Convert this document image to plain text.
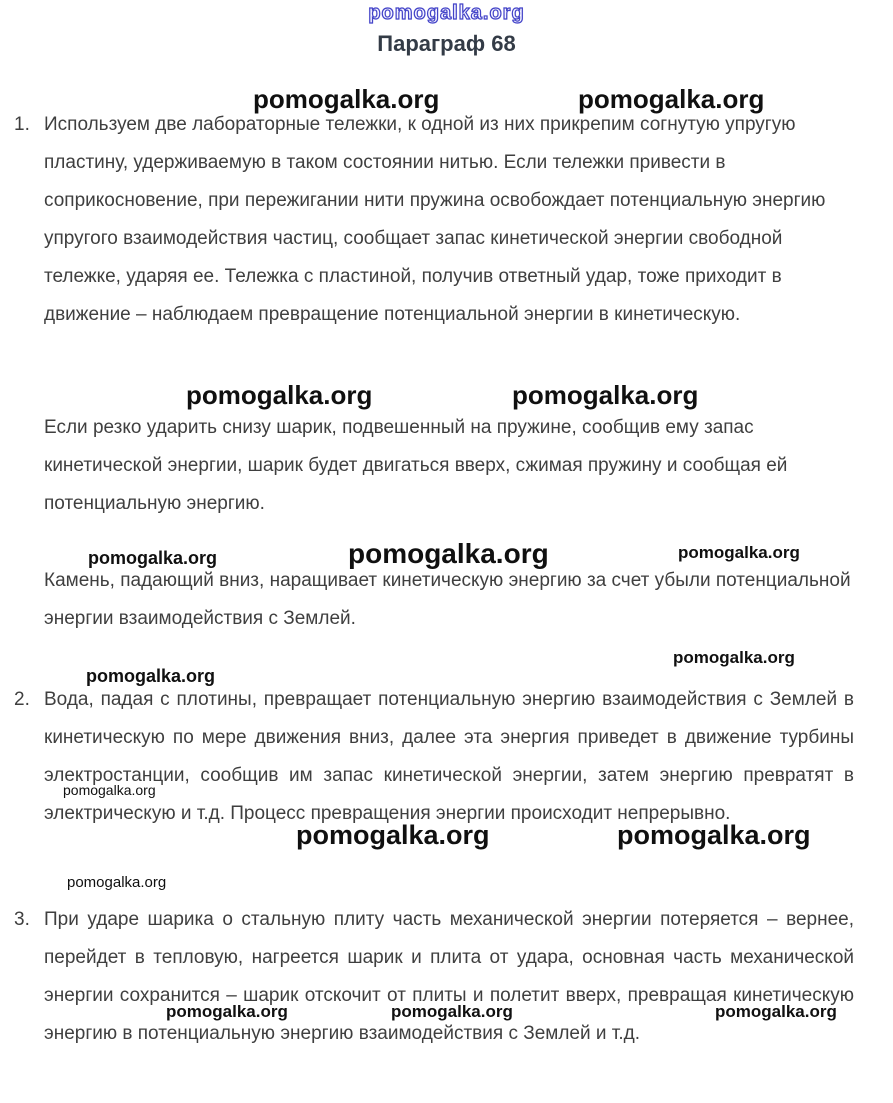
pomogalka.org
Параграф 68
pomogalka.org	pomogalka.org
1. Используем две лабораторные тележки, к одной из них прикрепим согнутую упругую пластину, удерживаемую в таком состоянии нитью. Если тележки привести в соприкосновение, при пережигании нити пружина освобождает потенциальную энергию упругого взаимодействия частиц, сообщает запас кинетической энергии свободной тележке, ударяя ее. Тележка с пластиной, получив ответный удар, тоже приходит в движение – наблюдаем превращение потенциальной энергии в кинетическую.
pomogalka.org	pomogalka.org
Если резко ударить снизу шарик, подвешенный на пружине, сообщив ему запас кинетической энергии, шарик будет двигаться вверх, сжимая пружину и сообщая ей потенциальную энергию.
pomogalka.org	pomogalka.org	pomogalka.org
Камень, падающий вниз, наращивает кинетическую энергию за счет убыли потенциальной энергии взаимодействия с Землей.
pomogalka.org
pomogalka.org
2. Вода, падая с плотины, превращает потенциальную энергию взаимодействия с Землей в кинетическую по мере движения вниз, далее эта энергия приведет в движение турбины электростанции, сообщив им запас кинетической энергии, затем энергию превратят в электрическую и т.д. Процесс превращения энергии происходит непрерывно.
pomogalka.org
pomogalka.org	pomogalka.org
pomogalka.org
3. При ударе шарика о стальную плиту часть механической энергии потеряется – вернее, перейдет в тепловую, нагреется шарик и плита от удара, основная часть механической энергии сохранится – шарик отскочит от плиты и полетит вверх, превращая кинетическую энергию в потенциальную энергию взаимодействия с Землей и т.д.
pomogalka.org	pomogalka.org	pomogalka.org
